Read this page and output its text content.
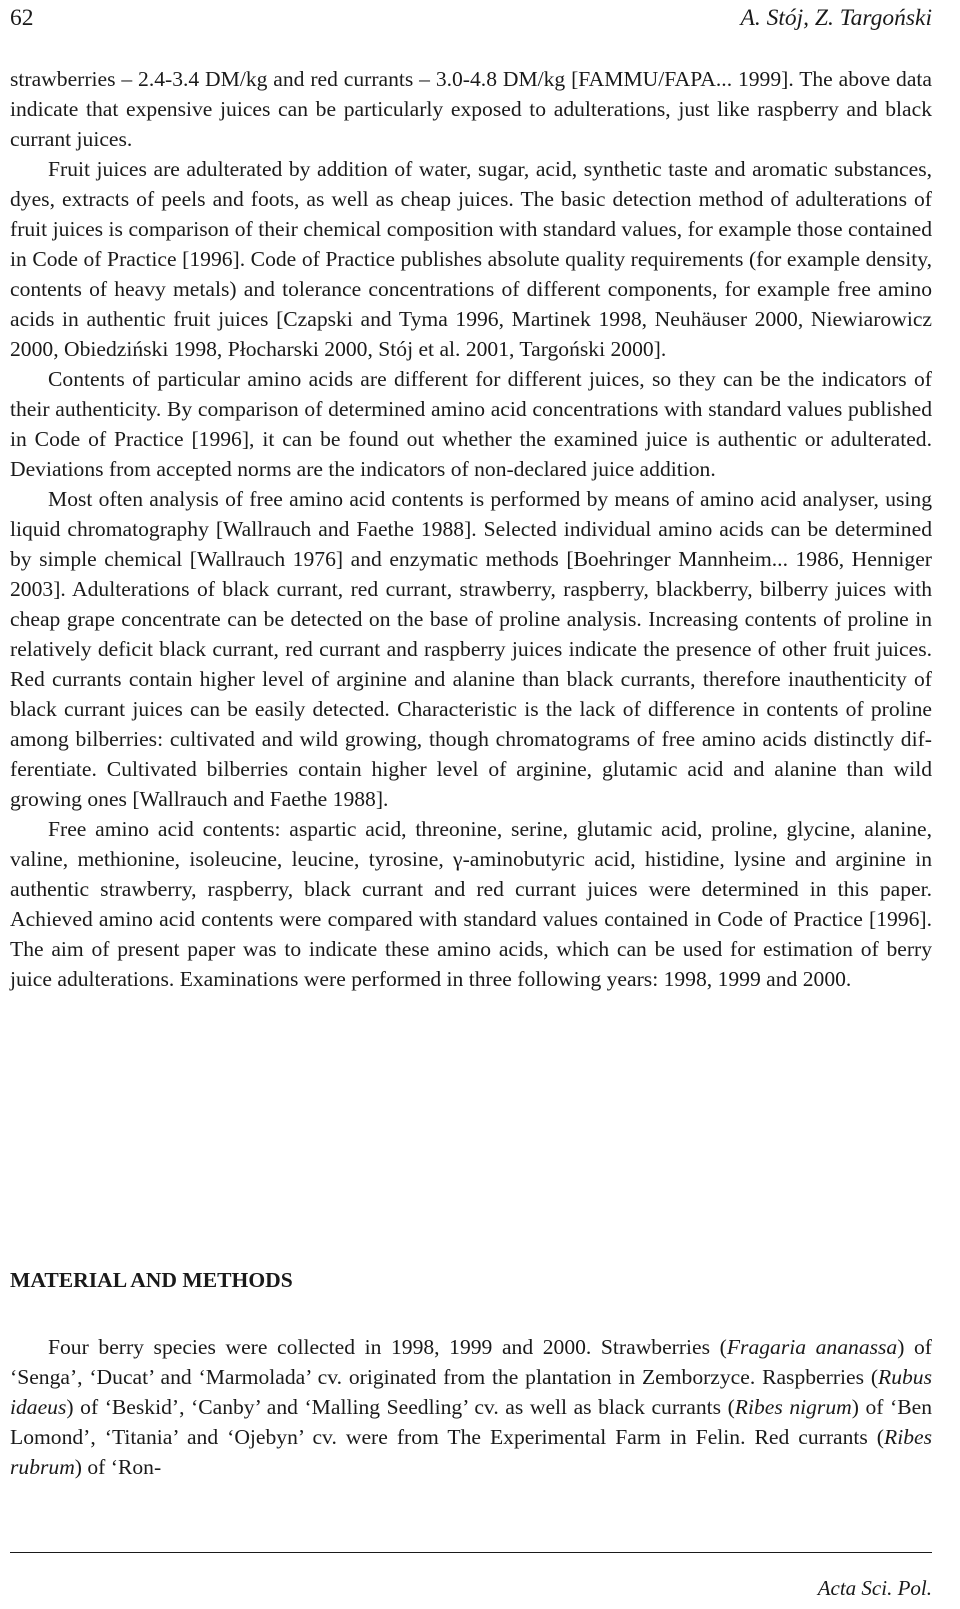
62	A. Stój, Z. Targoński

strawberries – 2.4-3.4 DM/kg and red currants – 3.0-4.8 DM/kg [FAMMU/FAPA... 1999]. The above data indicate that expensive juices can be particularly exposed to adulterations, just like raspberry and black currant juices.

Fruit juices are adulterated by addition of water, sugar, acid, synthetic taste and aromatic substances, dyes, extracts of peels and foots, as well as cheap juices. The basic detection method of adulterations of fruit juices is comparison of their chemical composition with standard values, for example those contained in Code of Practice [1996]. Code of Practice publishes absolute quality requirements (for example density, contents of heavy metals) and tolerance concentrations of different components, for example free amino acids in authentic fruit juices [Czapski and Tyma 1996, Martinek 1998, Neuhäuser 2000, Niewiarowicz 2000, Obiedziński 1998, Płocharski 2000, Stój et al. 2001, Targoński 2000].

Contents of particular amino acids are different for different juices, so they can be the indicators of their authenticity. By comparison of determined amino acid concentrations with standard values published in Code of Practice [1996], it can be found out whether the examined juice is authentic or adulterated. Deviations from accepted norms are the indicators of non-declared juice addition.

Most often analysis of free amino acid contents is performed by means of amino acid analyser, using liquid chromatography [Wallrauch and Faethe 1988]. Selected individual amino acids can be determined by simple chemical [Wallrauch 1976] and enzymatic methods [Boehringer Mannheim... 1986, Henniger 2003]. Adulterations of black currant, red currant, strawberry, raspberry, blackberry, bilberry juices with cheap grape concentrate can be detected on the base of proline analysis. Increasing contents of proline in relatively deficit black currant, red currant and raspberry juices indicate the presence of other fruit juices. Red currants contain higher level of arginine and alanine than black currants, therefore inauthenticity of black currant juices can be easily detected. Characteristic is the lack of difference in contents of proline among bilberries: cultivated and wild growing, though chromatograms of free amino acids distinctly differentiate. Cultivated bilberries contain higher level of arginine, glutamic acid and alanine than wild growing ones [Wallrauch and Faethe 1988].

Free amino acid contents: aspartic acid, threonine, serine, glutamic acid, proline, glycine, alanine, valine, methionine, isoleucine, leucine, tyrosine, γ-aminobutyric acid, histidine, lysine and arginine in authentic strawberry, raspberry, black currant and red currant juices were determined in this paper. Achieved amino acid contents were compared with standard values contained in Code of Practice [1996]. The aim of present paper was to indicate these amino acids, which can be used for estimation of berry juice adulterations. Examinations were performed in three following years: 1998, 1999 and 2000.

MATERIAL AND METHODS

Four berry species were collected in 1998, 1999 and 2000. Strawberries (Fragaria ananassa) of ‘Senga’, ‘Ducat’ and ‘Marmolada’ cv. originated from the plantation in Zemborzyce. Raspberries (Rubus idaeus) of ‘Beskid’, ‘Canby’ and ‘Malling Seedling’ cv. as well as black currants (Ribes nigrum) of ‘Ben Lomond’, ‘Titania’ and ‘Ojebyn’ cv. were from The Experimental Farm in Felin. Red currants (Ribes rubrum) of ‘Ron-

Acta Sci. Pol.
